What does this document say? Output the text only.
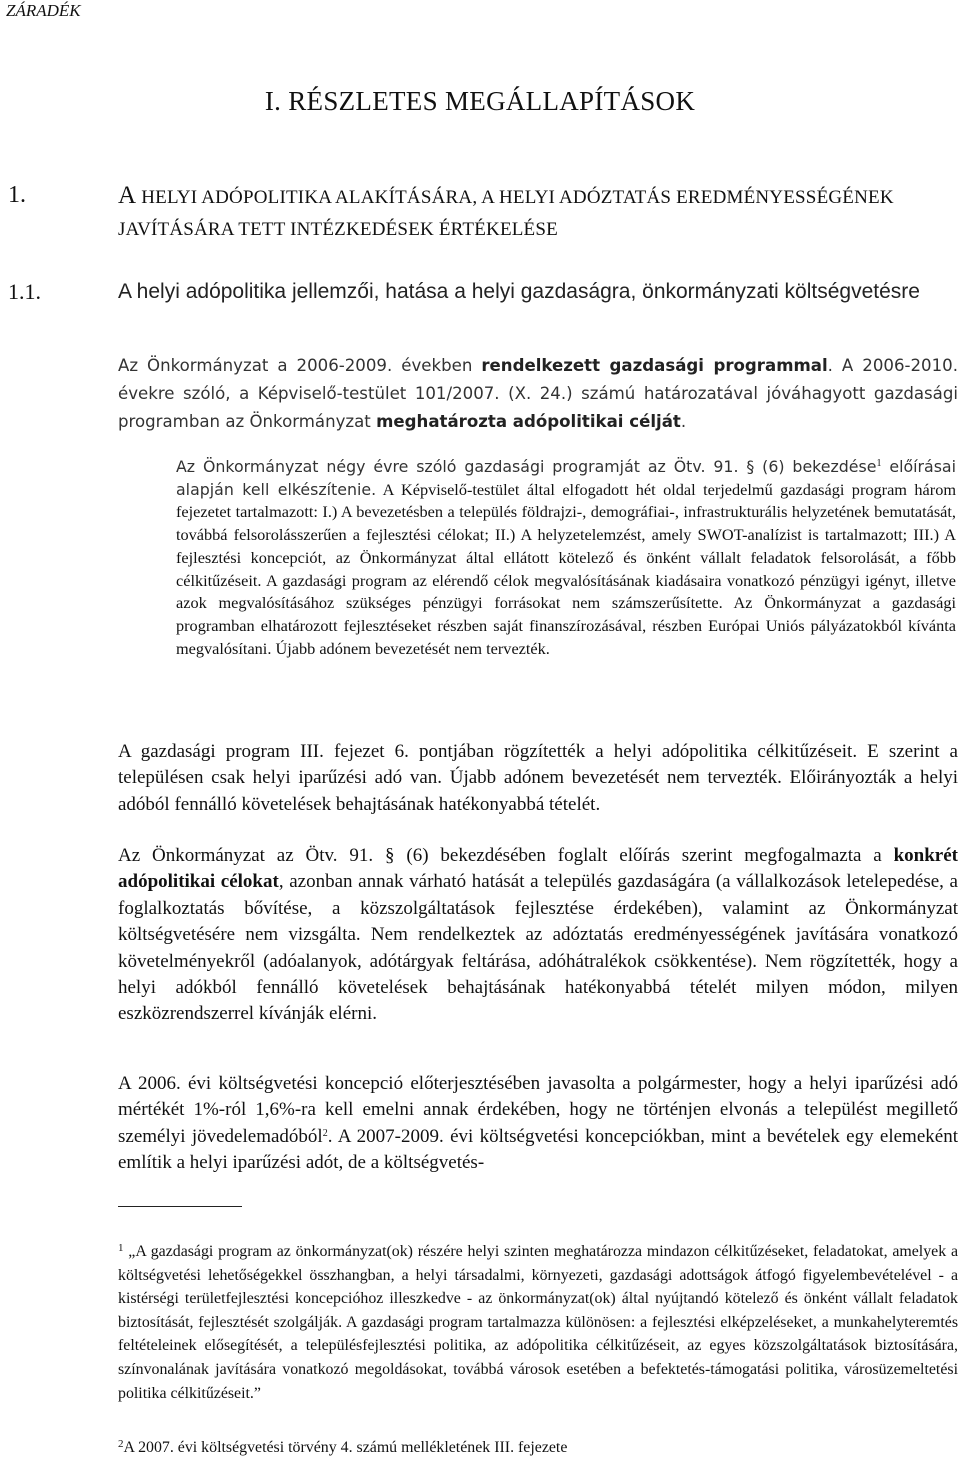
ZÁRADÉK
I. RÉSZLETES MEGÁLLAPÍTÁSOK
1.	A HELYI ADÓPOLITIKA ALAKÍTÁSÁRA, A HELYI ADÓZTATÁS EREDMÉNYESSÉGÉNEK
JAVÍTÁSÁRA TETT INTÉZKEDÉSEK ÉRTÉKELÉSE
1.1.	A helyi adópolitika jellemzői, hatása a helyi gazdaságra, önkormányzati költségvetésre
Az Önkormányzat a 2006-2009. években rendelkezett gazdasági programmal. A 2006-2010. évekre szóló, a Képviselő-testület 101/2007. (X. 24.) számú határozatával jóváhagyott gazdasági programban az Önkormányzat meghatározta adópolitikai célját.
Az Önkormányzat négy évre szóló gazdasági programját az Ötv. 91. § (6) bekezdése$^1$ előírásai alapján kell elkészítenie. A Képviselő-testület által elfogadott hét oldal terjedelmű gazdasági program három fejezetet tartalmazott: I.) A bevezetésben a település földrajzi-, demográfiai-, infrastrukturális helyzetének bemutatását, továbbá felsorolásszerűen a fejlesztési célokat; II.) A helyzetelemzést, amely SWOT-analízist is tartalmazott; III.) A fejlesztési koncepciót, az Önkormányzat által ellátott kötelező és önként vállalt feladatok felsorolását, a főbb célkitűzéseit. A gazdasági program az elérendő célok megvalósításának kiadásaira vonatkozó pénzügyi igényt, illetve azok megvalósításához szükséges pénzügyi forrásokat nem számszerűsítette. Az Önkormányzat a gazdasági programban elhatározott fejlesztéseket részben saját finanszírozásával, részben Európai Uniós pályázatokból kívánta megvalósítani. Újabb adónem bevezetését nem tervezték.
A gazdasági program III. fejezet 6. pontjában rögzítették a helyi adópolitika célkitűzéseit. E szerint a településen csak helyi iparűzési adó van. Újabb adónem bevezetését nem tervezték. Előirányozták a helyi adóból fennálló követelések behajtásának hatékonyabbá tételét.
Az Önkormányzat az Ötv. 91. § (6) bekezdésében foglalt előírás szerint megfogalmazta a konkrét adópolitikai célokat, azonban annak várható hatását a település gazdaságára (a vállalkozások letelepedése, a foglalkoztatás bővítése, a közszolgáltatások fejlesztése érdekében), valamint az Önkormányzat költségvetésére nem vizsgálta. Nem rendelkeztek az adóztatás eredményességének javítására vonatkozó követelményekről (adóalanyok, adótárgyak feltárása, adóhátralékok csökkentése). Nem rögzítették, hogy a helyi adókból fennálló követelések behajtásának hatékonyabbá tételét milyen módon, milyen eszközrendszerrel kívánják elérni.
A 2006. évi költségvetési koncepció előterjesztésében javasolta a polgármester, hogy a helyi iparűzési adó mértékét 1%-ról 1,6%-ra kell emelni annak érdekében, hogy ne történjen elvonás a települést megillető személyi jövedelemadóból$^2$. A 2007-2009. évi költségvetési koncepciókban, mint a bevételek egy elemeként említik a helyi iparűzési adót, de a költségvetés-
$^1$ „A gazdasági program az önkormányzat(ok) részére helyi szinten meghatározza mindazon célkitűzéseket, feladatokat, amelyek a költségvetési lehetőségekkel összhangban, a helyi társadalmi, környezeti, gazdasági adottságok átfogó figyelembevételével - a kistérségi területfejlesztési koncepcióhoz illeszkedve - az önkormányzat(ok) által nyújtandó kötelező és önként vállalt feladatok biztosítását, fejlesztését szolgálják. A gazdasági program tartalmazza különösen: a fejlesztési elképzeléseket, a munkahelyteremtés feltételeinek elősegítését, a településfejlesztési politika, az adópolitika célkitűzéseit, az egyes közszolgáltatások biztosítására, színvonalának javítására vonatkozó megoldásokat, továbbá városok esetében a befektetés-támogatási politika, városüzemeltetési politika célkitűzéseit.”
$^2$A 2007. évi költségvetési törvény 4. számú mellékletének III. fejezete
